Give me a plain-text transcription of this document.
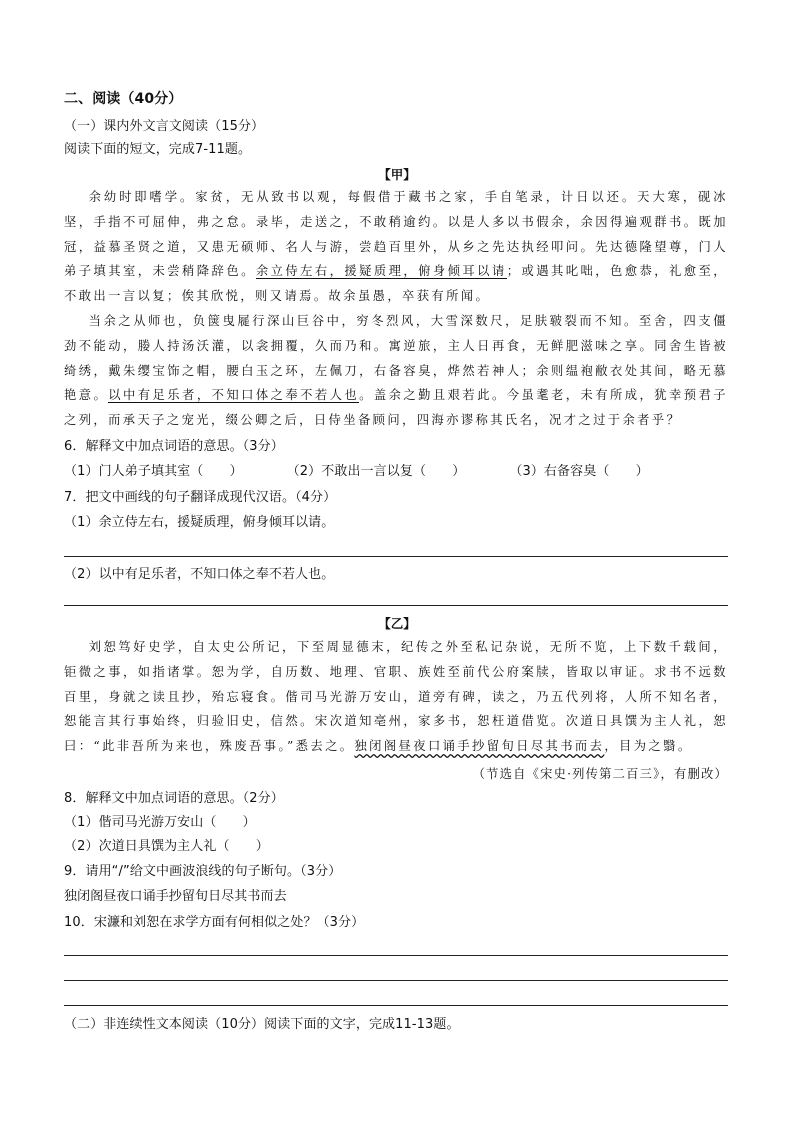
二、阅读（40分）
（一）课内外文言文阅读（15分）
阅读下面的短文，完成7-11题。
【甲】

余幼时即嗜学。家贫，无从致书以观，每假借于藏书之家，手自笔录，计日以还。天大寒，砚冰坚，手指不可屈伸，弗之怠。录毕，走送之，不敢稍逾约。以是人多以书假余，余因得遍观群书。既加冠，益慕圣贤之道，又患无硕师、名人与游，尝趋百里外，从乡之先达执经叩问。先达德隆望尊，门人弟子填其室，未尝稍降辞色。余立侍左右，援疑质理，俯身倾耳以请；或遇其叱咄，色愈恭，礼愈至，不敢出一言以复；俟其欣悦，则又请焉。故余虽愚，卒获有所闻。

当余之从师也，负箧曳屣行深山巨谷中，穷冬烈风，大雪深数尺，足肤皲裂而不知。至舍，四支僵劲不能动，媵人持汤沃灌，以衾拥覆，久而乃和。寓逆旅，主人日再食，无鲜肥滋味之享。同舍生皆被绮绣，戴朱缨宝饰之帽，腰白玉之环，左佩刀，右备容臭，烨然若神人；余则缊袍敝衣处其间，略无慕艳意。以中有足乐者，不知口体之奉不若人也。盖余之勤且艰若此。今虽耄老，未有所成，犹幸预君子之列，而承天子之宠光，缀公卿之后，日侍坐备顾问，四海亦谬称其氏名，况才之过于余者乎？

6．解释文中加点词语的意思。（3分）
（1）门人弟子填其室（　　）	（2）不敢出一言以复（　　）	（3）右备容臭（　　）
7．把文中画线的句子翻译成现代汉语。（4分）
（1）余立侍左右，援疑质理，俯身倾耳以请。
（2）以中有足乐者，不知口体之奉不若人也。
【乙】

刘恕笃好史学，自太史公所记，下至周显德末，纪传之外至私记杂说，无所不览，上下数千载间，钜微之事，如指诸掌。恕为学，自历数、地理、官职、族姓至前代公府案牍，皆取以审证。求书不远数百里，身就之读且抄，殆忘寝食。偕司马光游万安山，道旁有碑，读之，乃五代列将，人所不知名者，恕能言其行事始终，归验旧史，信然。宋次道知亳州，家多书，恕枉道借览。次道日具馔为主人礼，恕曰：“此非吾所为来也，殊废吾事。”悉去之。独闭阁昼夜口诵手抄留旬日尽其书而去，目为之翳。

（节选自《宋史·列传第二百三》，有删改）
8．解释文中加点词语的意思。（2分）
（1）偕司马光游万安山（　　）
（2）次道日具馔为主人礼（　　）
9．请用“/”给文中画波浪线的句子断句。（3分）
独闭阁昼夜口诵手抄留旬日尽其书而去
10．宋濂和刘恕在求学方面有何相似之处？（3分）
（二）非连续性文本阅读（10分）阅读下面的文字，完成11-13题。
